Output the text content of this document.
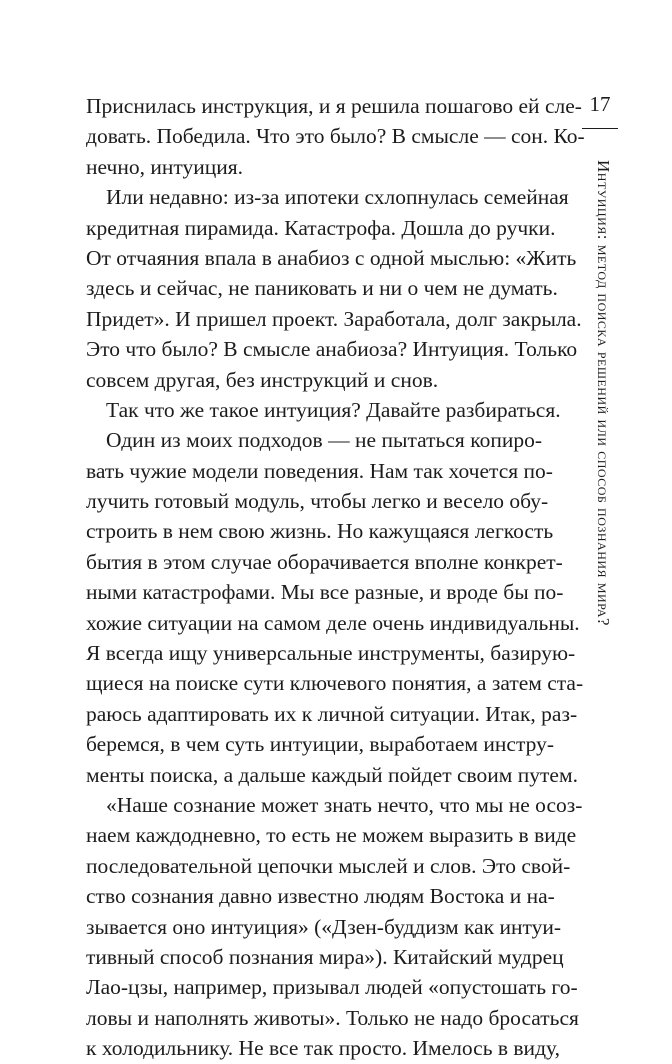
17
Интуиция: метод поиска решений или способ познания мира?
Приснилась инструкция, и я решила пошагово ей сле-
довать. Победила. Что это было? В смысле — сон. Ко-
нечно, интуиция.
Или недавно: из-за ипотеки схлопнулась семейная
кредитная пирамида. Катастрофа. Дошла до ручки.
От отчаяния впала в анабиоз с одной мыслью: «Жить
здесь и сейчас, не паниковать и ни о чем не думать.
Придет». И пришел проект. Заработала, долг закрыла.
Это что было? В смысле анабиоза? Интуиция. Только
совсем другая, без инструкций и снов.
Так что же такое интуиция? Давайте разбираться.
Один из моих подходов — не пытаться копиро-
вать чужие модели поведения. Нам так хочется по-
лучить готовый модуль, чтобы легко и весело обу-
строить в нем свою жизнь. Но кажущаяся легкость
бытия в этом случае оборачивается вполне конкрет-
ными катастрофами. Мы все разные, и вроде бы по-
хожие ситуации на самом деле очень индивидуальны.
Я всегда ищу универсальные инструменты, базирую-
щиеся на поиске сути ключевого понятия, а затем ста-
раюсь адаптировать их к личной ситуации. Итак, раз-
беремся, в чем суть интуиции, выработаем инстру-
менты поиска, а дальше каждый пойдет своим путем.
«Наше сознание может знать нечто, что мы не осоз-
наем каждодневно, то есть не можем выразить в виде
последовательной цепочки мыслей и слов. Это свой-
ство сознания давно известно людям Востока и на-
зывается оно интуиция» («Дзен-буддизм как интуи-
тивный способ познания мира»). Китайский мудрец
Лао-цзы, например, призывал людей «опустошать го-
ловы и наполнять животы». Только не надо бросаться
к холодильнику. Не все так просто. Имелось в виду,
